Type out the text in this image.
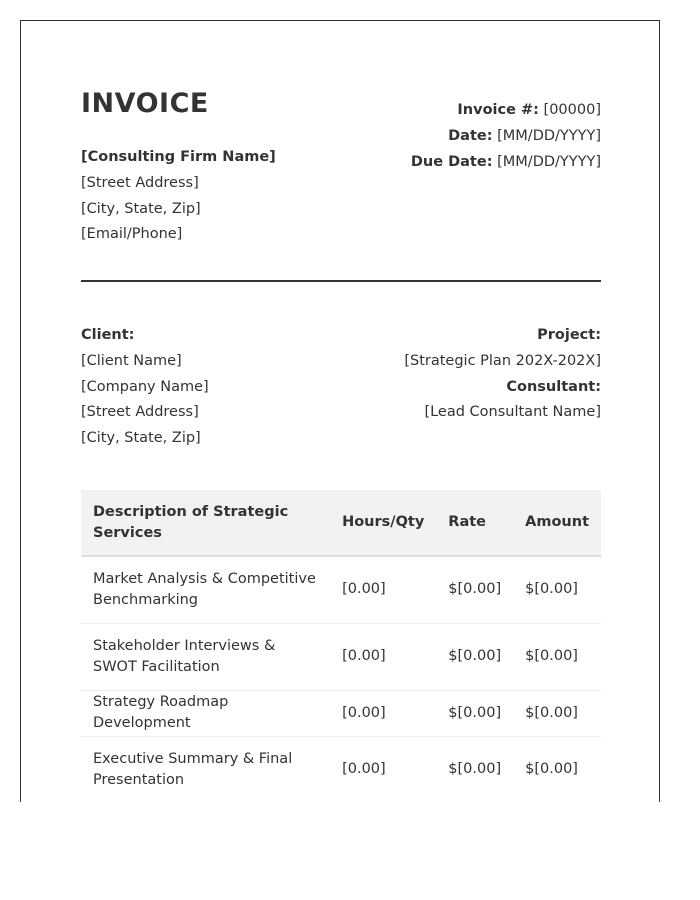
INVOICE
[Consulting Firm Name]
[Street Address]
[City, State, Zip]
[Email/Phone]
Invoice #: [00000]
Date: [MM/DD/YYYY]
Due Date: [MM/DD/YYYY]
Client:
[Client Name]
[Company Name]
[Street Address]
[City, State, Zip]
Project:
[Strategic Plan 202X-202X]
Consultant:
[Lead Consultant Name]
Description of Strategic Services	Hours/Qty	Rate	Amount
Market Analysis & Competitive Benchmarking	[0.00]	$[0.00]	$[0.00]
Stakeholder Interviews & SWOT Facilitation	[0.00]	$[0.00]	$[0.00]
Strategy Roadmap Development	[0.00]	$[0.00]	$[0.00]
Executive Summary & Final Presentation	[0.00]	$[0.00]	$[0.00]
